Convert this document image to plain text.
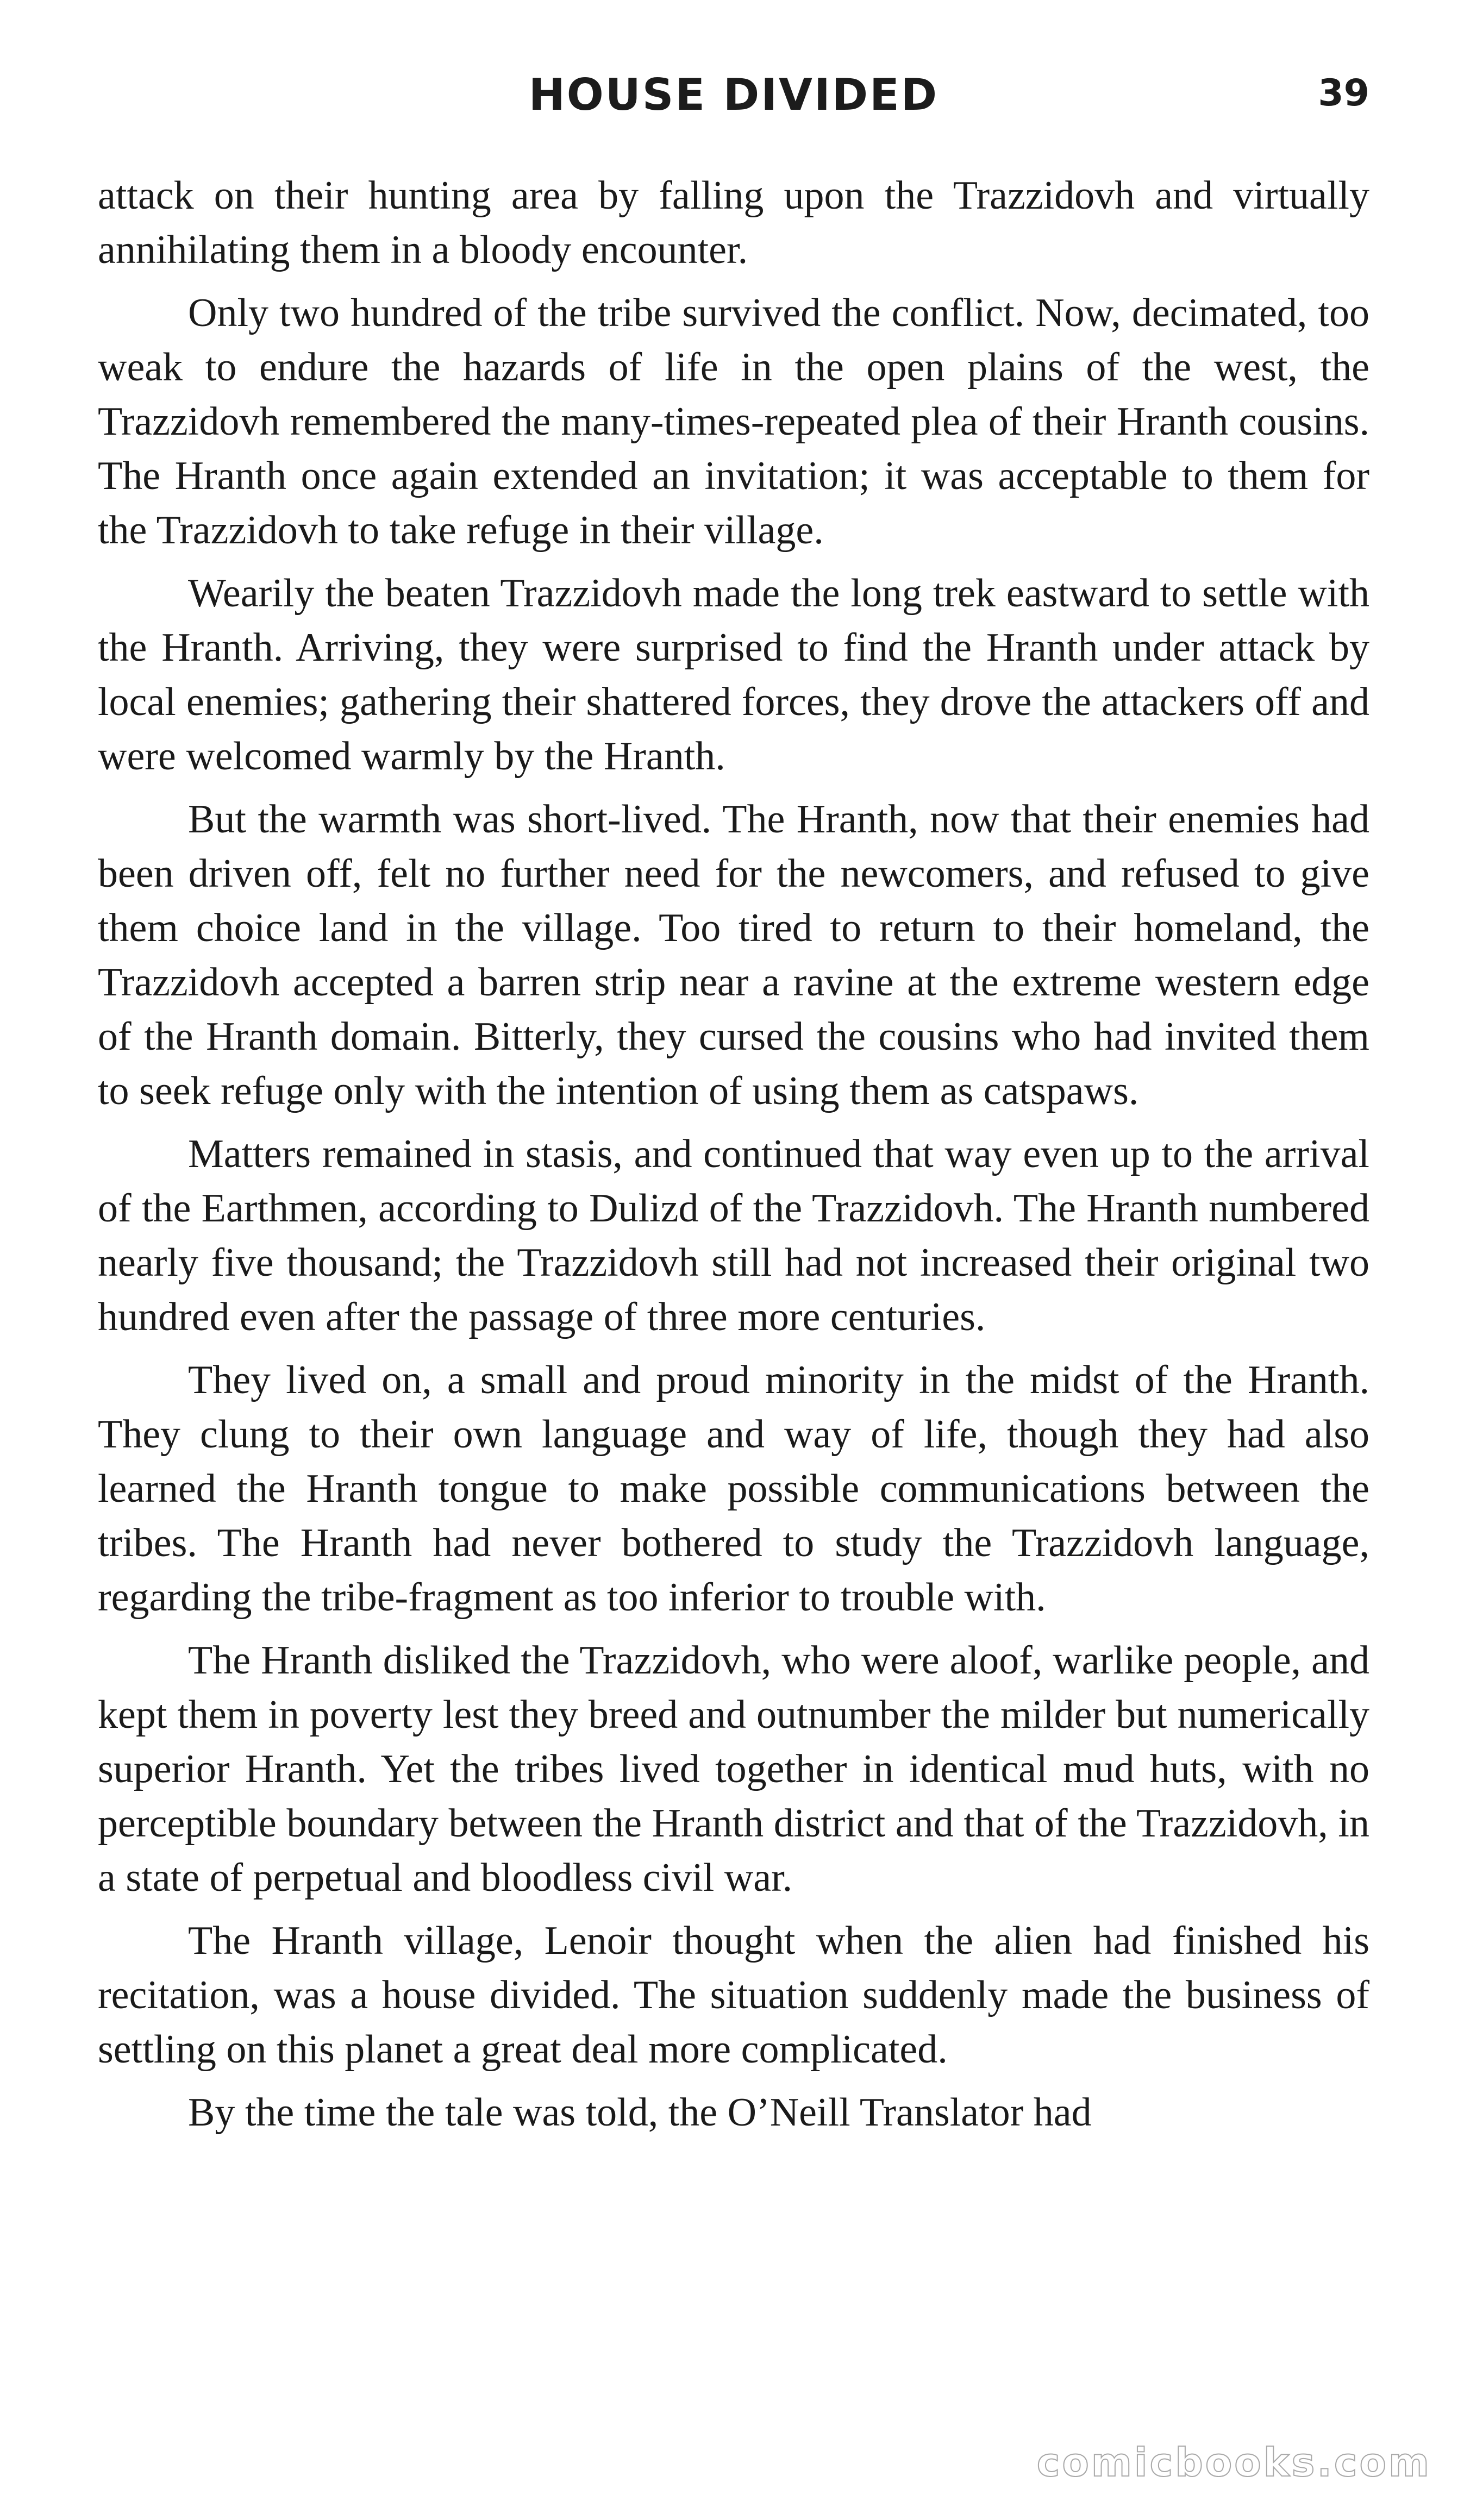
HOUSE DIVIDED	39

attack on their hunting area by falling upon the Trazzidovh and virtually annihilating them in a bloody encounter.

Only two hundred of the tribe survived the conflict. Now, decimated, too weak to endure the hazards of life in the open plains of the west, the Trazzidovh remembered the many-times-repeated plea of their Hranth cousins. The Hranth once again extended an invitation; it was acceptable to them for the Trazzidovh to take refuge in their village.

Wearily the beaten Trazzidovh made the long trek eastward to settle with the Hranth. Arriving, they were surprised to find the Hranth under attack by local enemies; gathering their shattered forces, they drove the attackers off and were welcomed warmly by the Hranth.

But the warmth was short-lived. The Hranth, now that their enemies had been driven off, felt no further need for the newcomers, and refused to give them choice land in the village. Too tired to return to their homeland, the Trazzidovh accepted a barren strip near a ravine at the extreme western edge of the Hranth domain. Bitterly, they cursed the cousins who had invited them to seek refuge only with the intention of using them as catspaws.

Matters remained in stasis, and continued that way even up to the arrival of the Earthmen, according to Dulizd of the Trazzidovh. The Hranth numbered nearly five thousand; the Trazzidovh still had not increased their original two hundred even after the passage of three more centuries.

They lived on, a small and proud minority in the midst of the Hranth. They clung to their own language and way of life, though they had also learned the Hranth tongue to make possible communications between the tribes. The Hranth had never bothered to study the Trazzidovh language, regarding the tribe-fragment as too inferior to trouble with.

The Hranth disliked the Trazzidovh, who were aloof, warlike people, and kept them in poverty lest they breed and outnumber the milder but numerically superior Hranth. Yet the tribes lived together in identical mud huts, with no perceptible boundary between the Hranth district and that of the Trazzidovh, in a state of perpetual and bloodless civil war.

The Hranth village, Lenoir thought when the alien had finished his recitation, was a house divided. The situation suddenly made the business of settling on this planet a great deal more complicated.

By the time the tale was told, the O’Neill Translator had

comicbooks.com
